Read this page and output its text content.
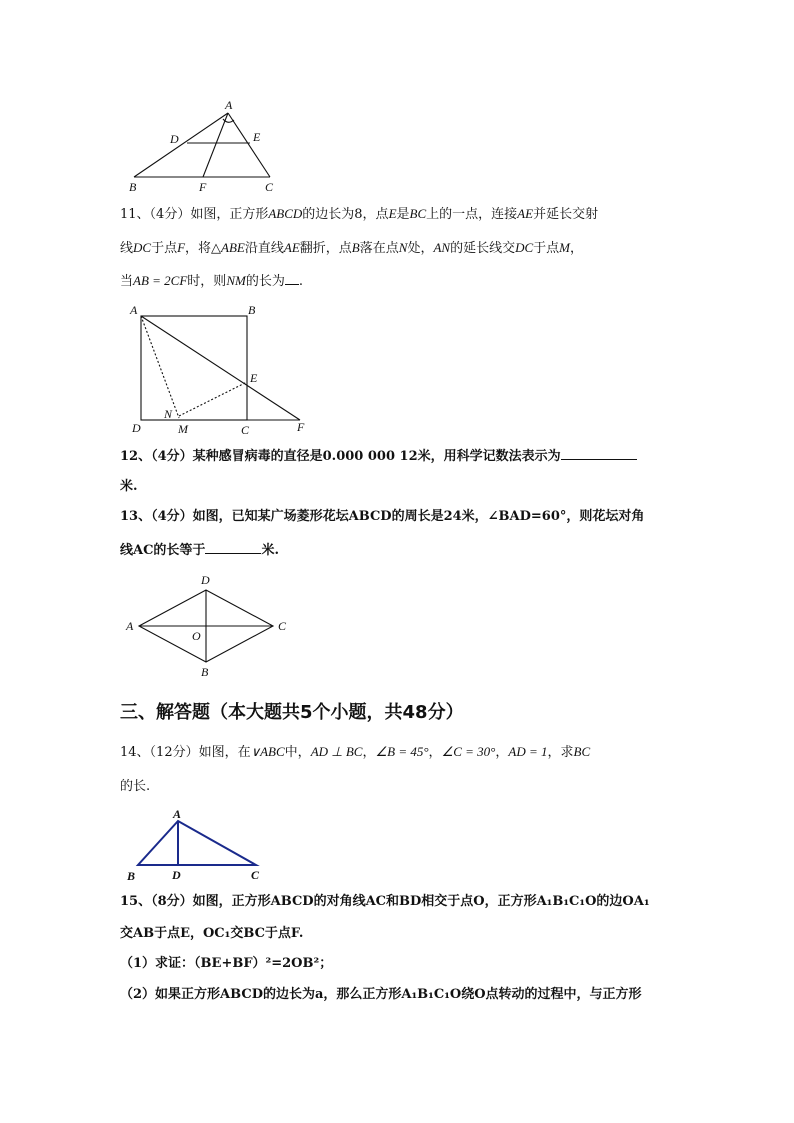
A
D	E
B	F	C
11、（4分）如图，正方形ABCD的边长为8，点E是BC上的一点，连接AE并延长交射
线DC于点F，将△ABE沿直线AE翻折，点B落在点N处，AN的延长线交DC于点M，
当AB = 2CF时，则NM的长为 .
A	B
E
N
D	M	C	F
12、（4分）某种感冒病毒的直径是0.000 000 12米，用科学记数法表示为
米.
13、（4分）如图，已知某广场菱形花坛ABCD的周长是24米，∠BAD=60°，则花坛对角
线AC的长等于	米.
D
A
O
C
B
三、解答题（本大题共5个小题，共48分）
14、（12分）如图，在∨ABC中，AD ⊥ BC，∠B = 45°，∠C = 30°，AD = 1，求BC
的长.
A
B	D	C
15、（8分）如图，正方形ABCD的对角线AC和BD相交于点O，正方形A₁B₁C₁O的边OA₁
交AB于点E，OC₁交BC于点F.
（1）求证：（BE+BF）²=2OB²；
（2）如果正方形ABCD的边长为a，那么正方形A₁B₁C₁O绕O点转动的过程中，与正方形
